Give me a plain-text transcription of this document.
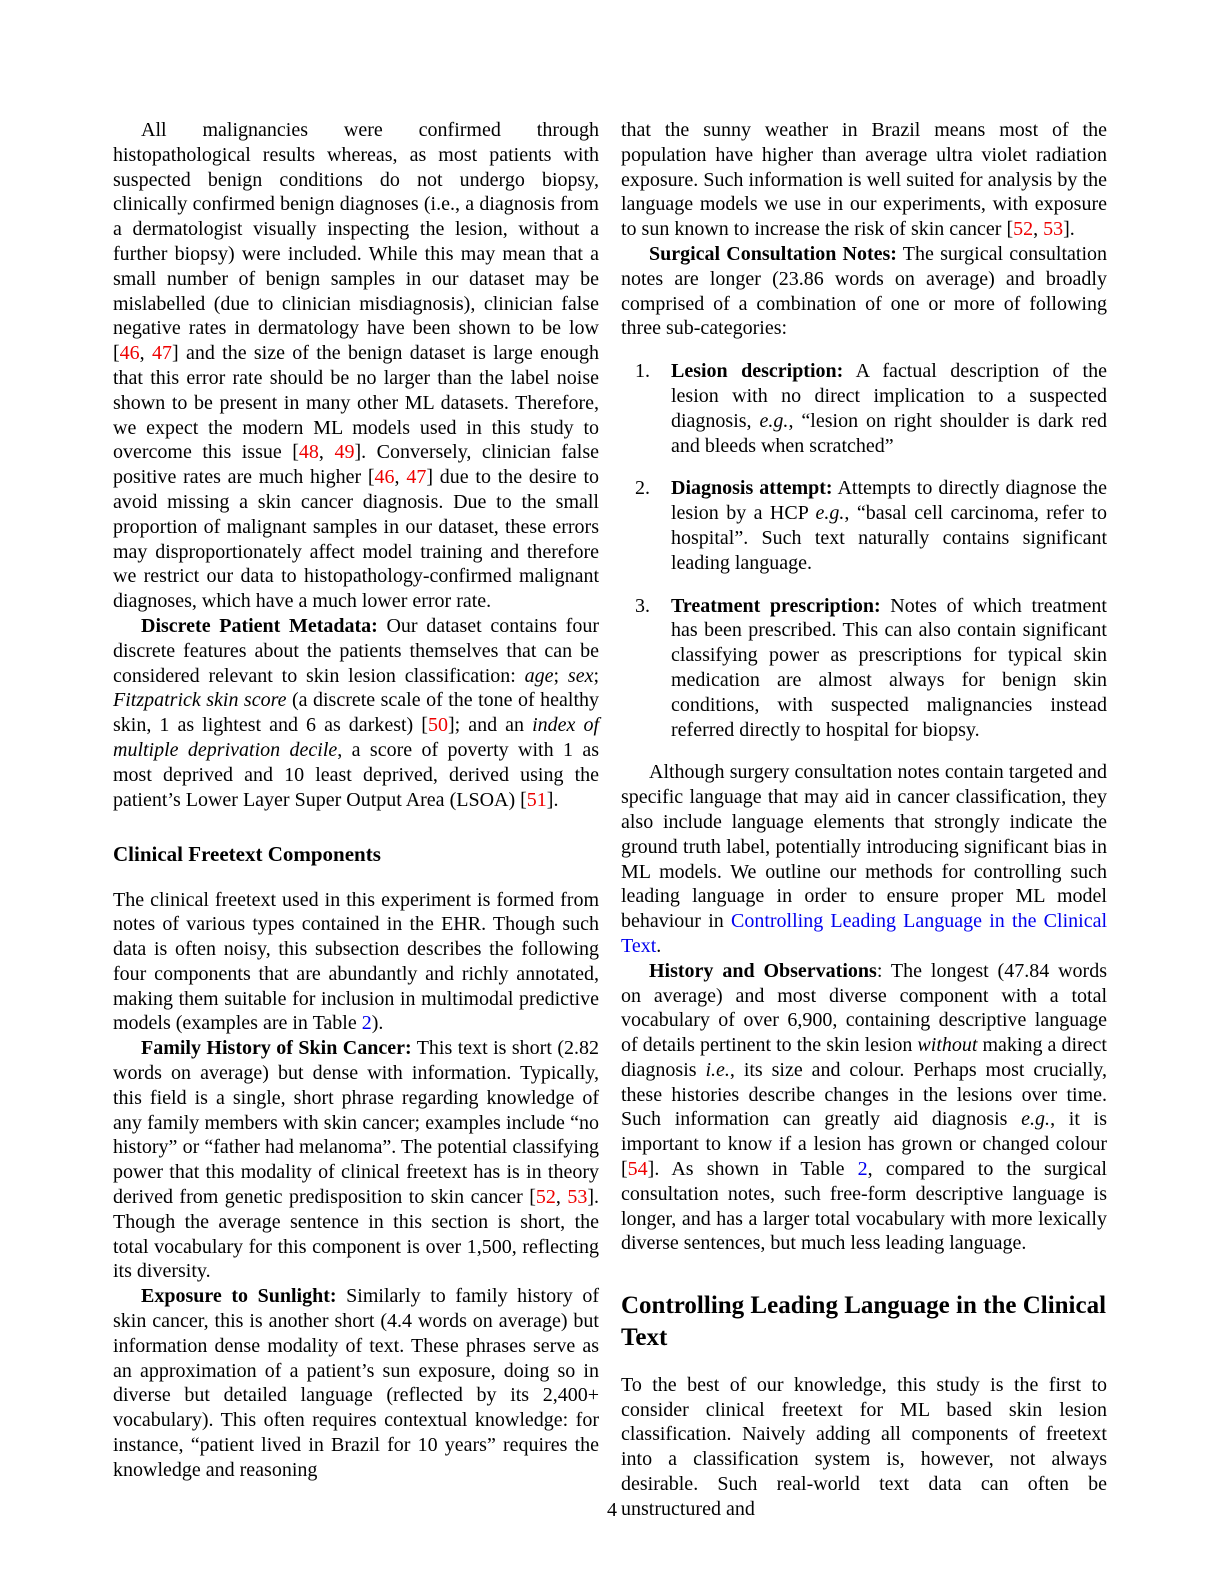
All malignancies were confirmed through histopathological results whereas, as most patients with suspected benign conditions do not undergo biopsy, clinically confirmed benign diagnoses (i.e., a diagnosis from a dermatologist visually inspecting the lesion, without a further biopsy) were included. While this may mean that a small number of benign samples in our dataset may be mislabelled (due to clinician misdiagnosis), clinician false negative rates in dermatology have been shown to be low [46, 47] and the size of the benign dataset is large enough that this error rate should be no larger than the label noise shown to be present in many other ML datasets. Therefore, we expect the modern ML models used in this study to overcome this issue [48, 49]. Conversely, clinician false positive rates are much higher [46, 47] due to the desire to avoid missing a skin cancer diagnosis. Due to the small proportion of malignant samples in our dataset, these errors may disproportionately affect model training and therefore we restrict our data to histopathology-confirmed malignant diagnoses, which have a much lower error rate.

Discrete Patient Metadata: Our dataset contains four discrete features about the patients themselves that can be considered relevant to skin lesion classification: age; sex; Fitzpatrick skin score (a discrete scale of the tone of healthy skin, 1 as lightest and 6 as darkest) [50]; and an index of multiple deprivation decile, a score of poverty with 1 as most deprived and 10 least deprived, derived using the patient’s Lower Layer Super Output Area (LSOA) [51].

Clinical Freetext Components

The clinical freetext used in this experiment is formed from notes of various types contained in the EHR. Though such data is often noisy, this subsection describes the following four components that are abundantly and richly annotated, making them suitable for inclusion in multimodal predictive models (examples are in Table 2).

Family History of Skin Cancer: This text is short (2.82 words on average) but dense with information. Typically, this field is a single, short phrase regarding knowledge of any family members with skin cancer; examples include “no history” or “father had melanoma”. The potential classifying power that this modality of clinical freetext has is in theory derived from genetic predisposition to skin cancer [52, 53]. Though the average sentence in this section is short, the total vocabulary for this component is over 1,500, reflecting its diversity.

Exposure to Sunlight: Similarly to family history of skin cancer, this is another short (4.4 words on average) but information dense modality of text. These phrases serve as an approximation of a patient’s sun exposure, doing so in diverse but detailed language (reflected by its 2,400+ vocabulary). This often requires contextual knowledge: for instance, “patient lived in Brazil for 10 years” requires the knowledge and reasoning

that the sunny weather in Brazil means most of the population have higher than average ultra violet radiation exposure. Such information is well suited for analysis by the language models we use in our experiments, with exposure to sun known to increase the risk of skin cancer [52, 53].

Surgical Consultation Notes: The surgical consultation notes are longer (23.86 words on average) and broadly comprised of a combination of one or more of following three sub-categories:

1. Lesion description: A factual description of the lesion with no direct implication to a suspected diagnosis, e.g., “lesion on right shoulder is dark red and bleeds when scratched”
2. Diagnosis attempt: Attempts to directly diagnose the lesion by a HCP e.g., “basal cell carcinoma, refer to hospital”. Such text naturally contains significant leading language.
3. Treatment prescription: Notes of which treatment has been prescribed. This can also contain significant classifying power as prescriptions for typical skin medication are almost always for benign skin conditions, with suspected malignancies instead referred directly to hospital for biopsy.

Although surgery consultation notes contain targeted and specific language that may aid in cancer classification, they also include language elements that strongly indicate the ground truth label, potentially introducing significant bias in ML models. We outline our methods for controlling such leading language in order to ensure proper ML model behaviour in Controlling Leading Language in the Clinical Text.

History and Observations: The longest (47.84 words on average) and most diverse component with a total vocabulary of over 6,900, containing descriptive language of details pertinent to the skin lesion without making a direct diagnosis i.e., its size and colour. Perhaps most crucially, these histories describe changes in the lesions over time. Such information can greatly aid diagnosis e.g., it is important to know if a lesion has grown or changed colour [54]. As shown in Table 2, compared to the surgical consultation notes, such free-form descriptive language is longer, and has a larger total vocabulary with more lexically diverse sentences, but much less leading language.

Controlling Leading Language in the Clinical Text

To the best of our knowledge, this study is the first to consider clinical freetext for ML based skin lesion classification. Naively adding all components of freetext into a classification system is, however, not always desirable. Such real-world text data can often be unstructured and

4
